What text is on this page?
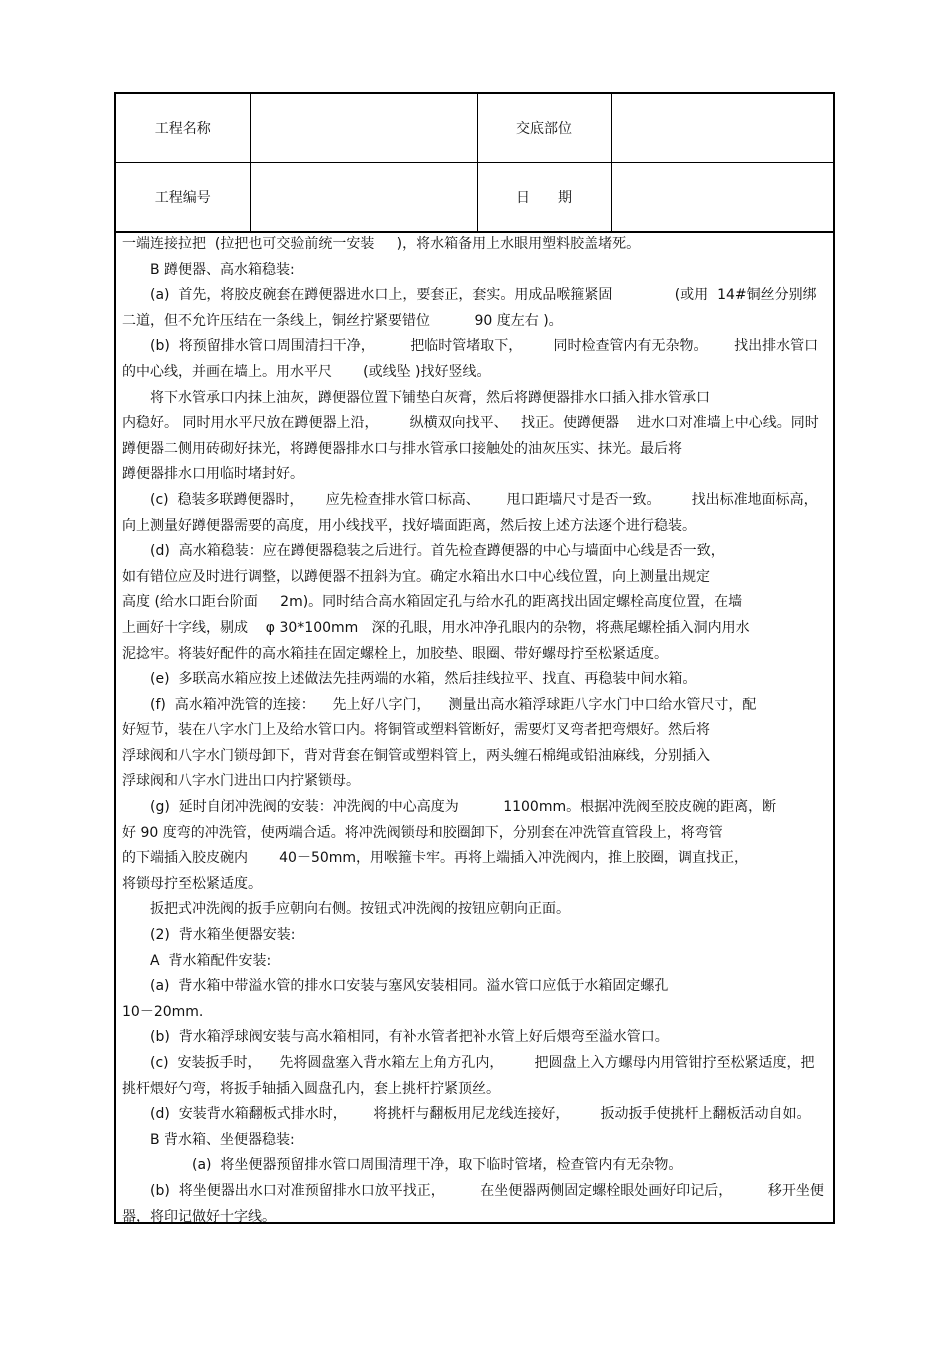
工程名称		交底部位	
工程编号		日期	

一端连接拉把  (拉把也可交验前统一安装     )，将水箱备用上水眼用塑料胶盖堵死。

B 蹲便器、高水箱稳装:

(a)  首先，将胶皮碗套在蹲便器进水口上，要套正，套实。用成品喉箍紧固              (或用  14#铜丝分别绑二道，但不允许压结在一条线上，铜丝拧紧要错位          90 度左右 )。

(b)  将预留排水管口周围清扫干净，        把临时管堵取下，       同时检查管内有无杂物。      找出排水管口的中心线，并画在墙上。用水平尺       (或线坠 )找好竖线。

将下水管承口内抹上油灰，蹲便器位置下铺垫白灰膏，然后将蹲便器排水口插入排水管承口
内稳好。 同时用水平尺放在蹲便器上沿，       纵横双向找平、   找正。使蹲便器    进水口对准墙上中心线。同时蹲便器二侧用砖砌好抹光，将蹲便器排水口与排水管承口接触处的油灰压实、抹光。最后将
蹲便器排水口用临时堵封好。

(c)  稳装多联蹲便器时，     应先检查排水管口标高、      甩口距墙尺寸是否一致。       找出标准地面标高，向上测量好蹲便器需要的高度，用小线找平，找好墙面距离，然后按上述方法逐个进行稳装。

(d)  高水箱稳装：应在蹲便器稳装之后进行。首先检查蹲便器的中心与墙面中心线是否一致，
如有错位应及时进行调整，以蹲便器不扭斜为宜。确定水箱出水口中心线位置，向上测量出规定
高度 (给水口距台阶面     2m)。同时结合高水箱固定孔与给水孔的距离找出固定螺栓高度位置，在墙
上画好十字线，剔成    φ 30*100mm   深的孔眼，用水冲净孔眼内的杂物，将燕尾螺栓插入洞内用水
泥捻牢。将装好配件的高水箱挂在固定螺栓上，加胶垫、眼圈、带好螺母拧至松紧适度。

(e)  多联高水箱应按上述做法先挂两端的水箱，然后挂线拉平、找直、再稳装中间水箱。

(f)  高水箱冲洗管的连接：    先上好八字门，    测量出高水箱浮球距八字水门中口给水管尺寸，配
好短节，装在八字水门上及给水管口内。将铜管或塑料管断好，需要灯叉弯者把弯煨好。然后将
浮球阀和八字水门锁母卸下，背对背套在铜管或塑料管上，两头缠石棉绳或铅油麻线，分别插入
浮球阀和八字水门进出口内拧紧锁母。

(g)  延时自闭冲洗阀的安装：冲洗阀的中心高度为          1100mm。根据冲洗阀至胶皮碗的距离，断
好 90 度弯的冲洗管，使两端合适。将冲洗阀锁母和胶圈卸下，分别套在冲洗管直管段上，将弯管
的下端插入胶皮碗内       40－50mm，用喉箍卡牢。再将上端插入冲洗阀内，推上胶圈，调直找正，
将锁母拧至松紧适度。

扳把式冲洗阀的扳手应朝向右侧。按钮式冲洗阀的按钮应朝向正面。

(2)  背水箱坐便器安装:

A  背水箱配件安装:

(a)  背水箱中带溢水管的排水口安装与塞风安装相同。溢水管口应低于水箱固定螺孔
10－20mm.

(b)  背水箱浮球阀安装与高水箱相同，有补水管者把补水管上好后煨弯至溢水管口。

(c)  安装扳手时，    先将圆盘塞入背水箱左上角方孔内，       把圆盘上入方螺母内用管钳拧至松紧适度，把挑杆煨好勺弯，将扳手轴插入圆盘孔内，套上挑杆拧紧顶丝。

(d)  安装背水箱翻板式排水时，      将挑杆与翻板用尼龙线连接好，       扳动扳手使挑杆上翻板活动自如。

B 背水箱、坐便器稳装:

(a)  将坐便器预留排水管口周围清理干净，取下临时管堵，检查管内有无杂物。

(b)  将坐便器出水口对准预留排水口放平找正，        在坐便器两侧固定螺栓眼处画好印记后，        移开坐便器，将印记做好十字线。
